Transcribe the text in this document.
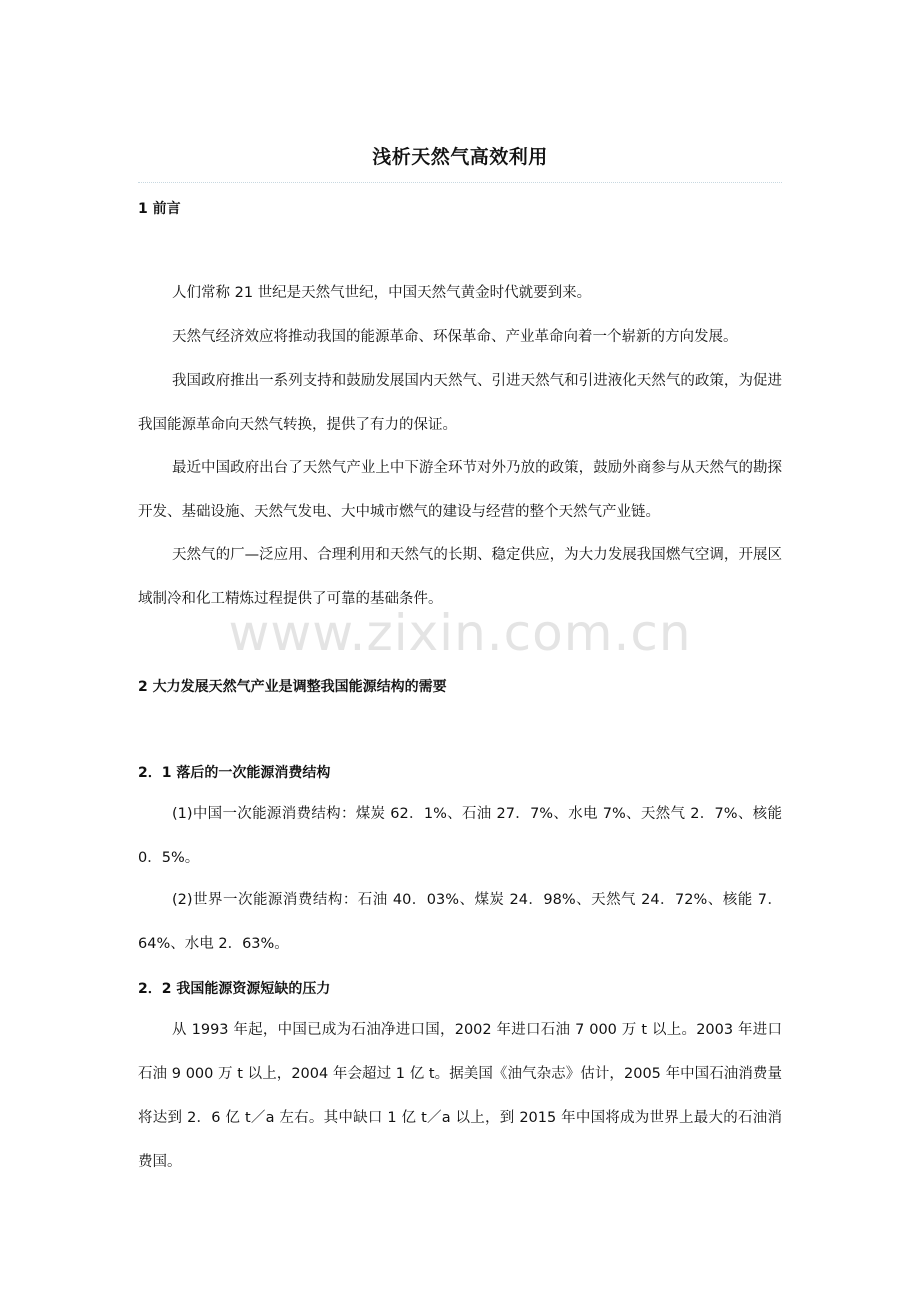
浅析天然气高效利用
www.zixin.com.cn
1 前言
人们常称 21 世纪是天然气世纪，中国天然气黄金时代就要到来。
天然气经济效应将推动我国的能源革命、环保革命、产业革命向着一个崭新的方向发展。
我国政府推出一系列支持和鼓励发展国内天然气、引进天然气和引进液化天然气的政策，为促进我国能源革命向天然气转换，提供了有力的保证。
最近中国政府出台了天然气产业上中下游全环节对外乃放的政策，鼓励外商参与从天然气的勘探开发、基础设施、天然气发电、大中城市燃气的建设与经营的整个天然气产业链。
天然气的厂—泛应用、合理利用和天然气的长期、稳定供应，为大力发展我国燃气空调，开展区域制冷和化工精炼过程提供了可靠的基础条件。
2 大力发展天然气产业是调整我国能源结构的需要
2．1 落后的一次能源消费结构
(1)中国一次能源消费结构：煤炭 62．1%、石油 27．7%、水电 7%、天然气 2．7%、核能 0．5%。
(2)世界一次能源消费结构：石油 40．03%、煤炭 24．98%、天然气 24．72%、核能 7．64%、水电 2．63%。
2．2 我国能源资源短缺的压力
从 1993 年起，中国已成为石油净进口国，2002 年进口石油 7 000 万 t 以上。2003 年进口石油 9 000 万 t 以上，2004 年会超过 1 亿 t。据美国《油气杂志》估计，2005 年中国石油消费量将达到 2．6 亿 t／a 左右。其中缺口 1 亿 t／a 以上，到 2015 年中国将成为世界上最大的石油消费国。
